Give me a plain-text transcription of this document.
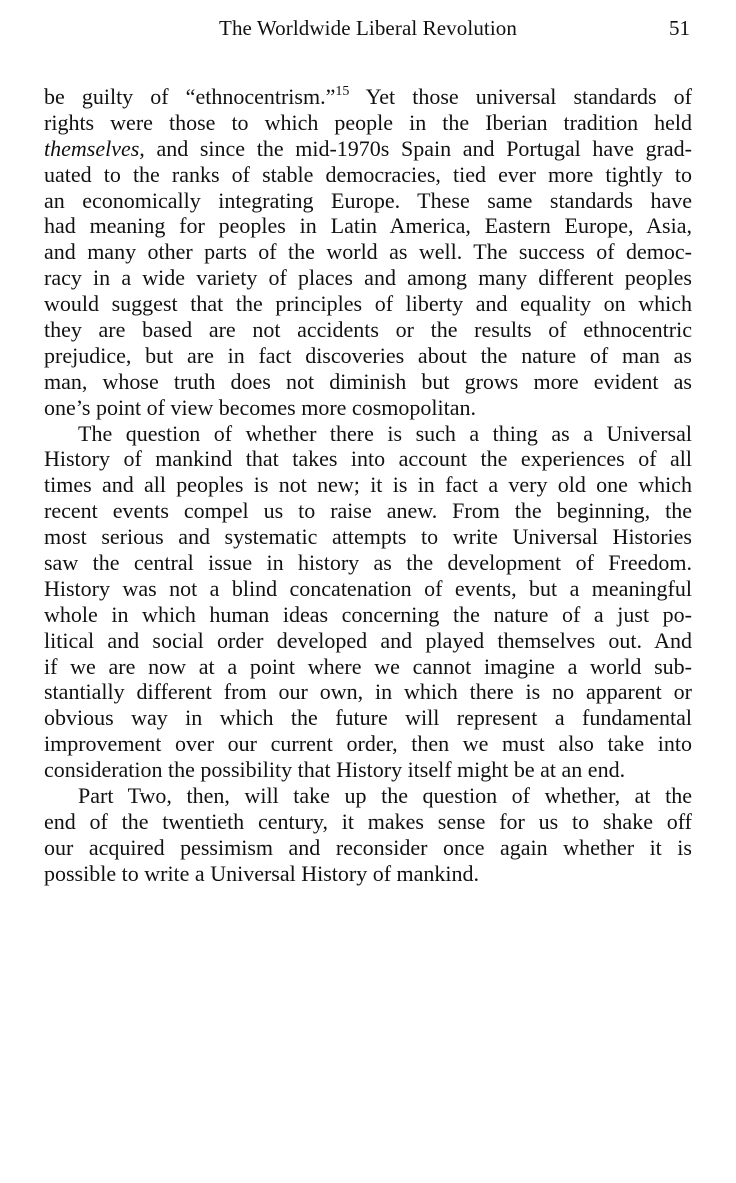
The Worldwide Liberal Revolution	51
be guilty of “ethnocentrism.”$^{15}$ Yet those universal standards of
rights were those to which people in the Iberian tradition held
themselves, and since the mid-1970s Spain and Portugal have grad-
uated to the ranks of stable democracies, tied ever more tightly to
an economically integrating Europe. These same standards have
had meaning for peoples in Latin America, Eastern Europe, Asia,
and many other parts of the world as well. The success of democ-
racy in a wide variety of places and among many different peoples
would suggest that the principles of liberty and equality on which
they are based are not accidents or the results of ethnocentric
prejudice, but are in fact discoveries about the nature of man as
man, whose truth does not diminish but grows more evident as
one’s point of view becomes more cosmopolitan.
The question of whether there is such a thing as a Universal
History of mankind that takes into account the experiences of all
times and all peoples is not new; it is in fact a very old one which
recent events compel us to raise anew. From the beginning, the
most serious and systematic attempts to write Universal Histories
saw the central issue in history as the development of Freedom.
History was not a blind concatenation of events, but a meaningful
whole in which human ideas concerning the nature of a just po-
litical and social order developed and played themselves out. And
if we are now at a point where we cannot imagine a world sub-
stantially different from our own, in which there is no apparent or
obvious way in which the future will represent a fundamental
improvement over our current order, then we must also take into
consideration the possibility that History itself might be at an end.
Part Two, then, will take up the question of whether, at the
end of the twentieth century, it makes sense for us to shake off
our acquired pessimism and reconsider once again whether it is
possible to write a Universal History of mankind.
